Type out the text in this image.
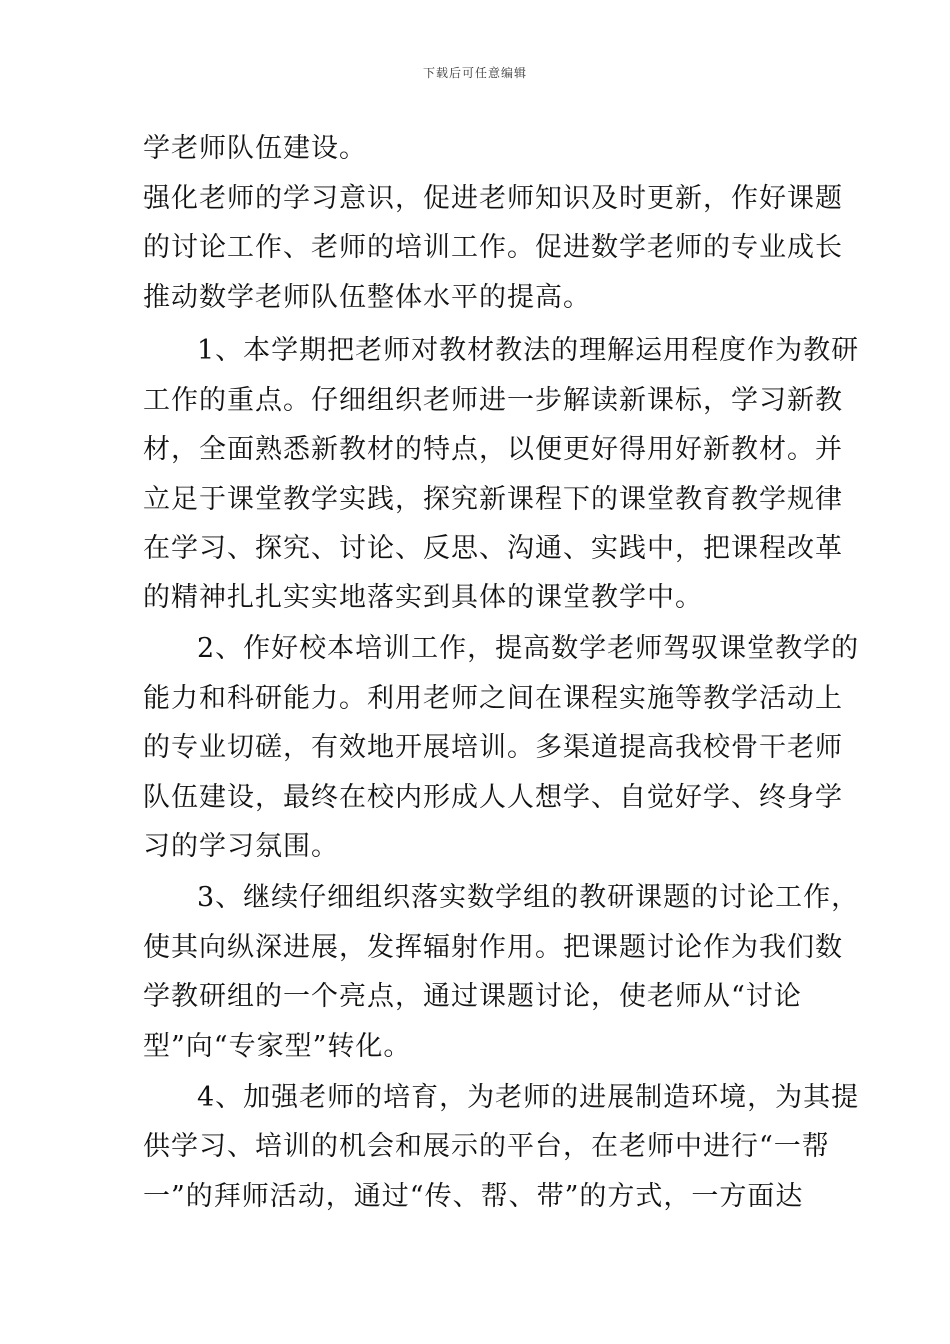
下载后可任意编辑
学老师队伍建设。
强化老师的学习意识，促进老师知识及时更新，作好课题
的讨论工作、老师的培训工作。促进数学老师的专业成长
推动数学老师队伍整体水平的提高。
1、本学期把老师对教材教法的理解运用程度作为教研
工作的重点。仔细组织老师进一步解读新课标，学习新教
材，全面熟悉新教材的特点，以便更好得用好新教材。并
立足于课堂教学实践，探究新课程下的课堂教育教学规律
在学习、探究、讨论、反思、沟通、实践中，把课程改革
的精神扎扎实实地落实到具体的课堂教学中。
2、作好校本培训工作，提高数学老师驾驭课堂教学的
能力和科研能力。利用老师之间在课程实施等教学活动上
的专业切磋，有效地开展培训。多渠道提高我校骨干老师
队伍建设，最终在校内形成人人想学、自觉好学、终身学
习的学习氛围。
3、继续仔细组织落实数学组的教研课题的讨论工作，
使其向纵深进展，发挥辐射作用。把课题讨论作为我们数
学教研组的一个亮点，通过课题讨论，使老师从“讨论
型”向“专家型”转化。
4、加强老师的培育，为老师的进展制造环境，为其提
供学习、培训的机会和展示的平台，在老师中进行“一帮
一”的拜师活动，通过“传、帮、带”的方式，一方面达
